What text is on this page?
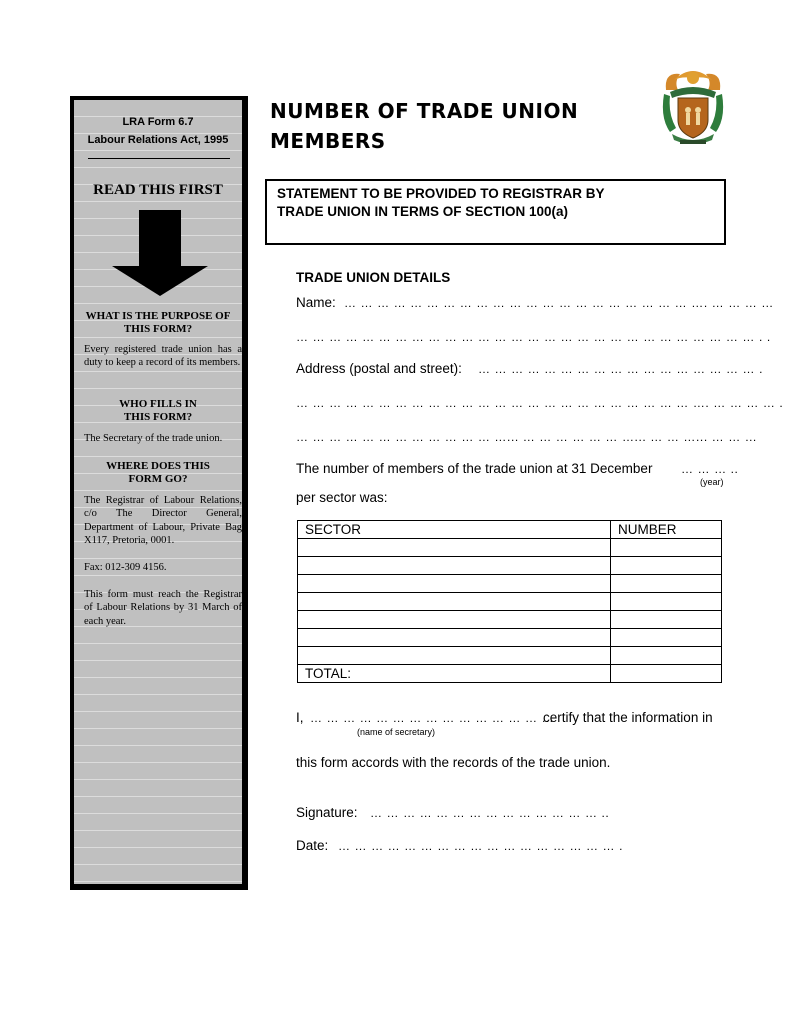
LRA Form 6.7
Labour Relations Act, 1995
READ THIS FIRST
WHAT IS THE PURPOSE OF
THIS FORM?
Every registered trade union has a duty to keep a record of its members.
WHO FILLS IN
THIS FORM?
The Secretary of the trade union.
WHERE DOES THIS
FORM GO?
The Registrar of Labour Relations, c/o The Director General, Department of Labour, Private Bag X117, Pretoria, 0001.
Fax: 012-309 4156.
This form must reach the Registrar of Labour Relations by 31 March of each year.
NUMBER OF TRADE UNION
MEMBERS
STATEMENT TO BE PROVIDED TO REGISTRAR BY
TRADE UNION IN TERMS OF SECTION 100(a)
TRADE UNION DETAILS
Name: … … … … … … … … … … … … … … … … … … … … … …. … … … …
… … … … … … … … … … … … … … … … … … … … … … … … … … … … . .
Address (postal and street): … … … … … … … … … … … … … … … … … .
… … … … … … … … … … … … … … … … … … … … … … … … …. … … … … .
… … … … … … … … … … … … …... … … … … … … …... … … …... … … …
The number of members of the trade union at 31 December … … … ..
(year)
per sector was:
SECTOR	NUMBER

TOTAL:	
I, … … … … … … … … … … … … … … …
certify that the information in
(name of secretary)
this form accords with the records of the trade union.
Signature: … … … … … … … … … … … … … … ..
Date: … … … … … … … … … … … … … … … … … .
